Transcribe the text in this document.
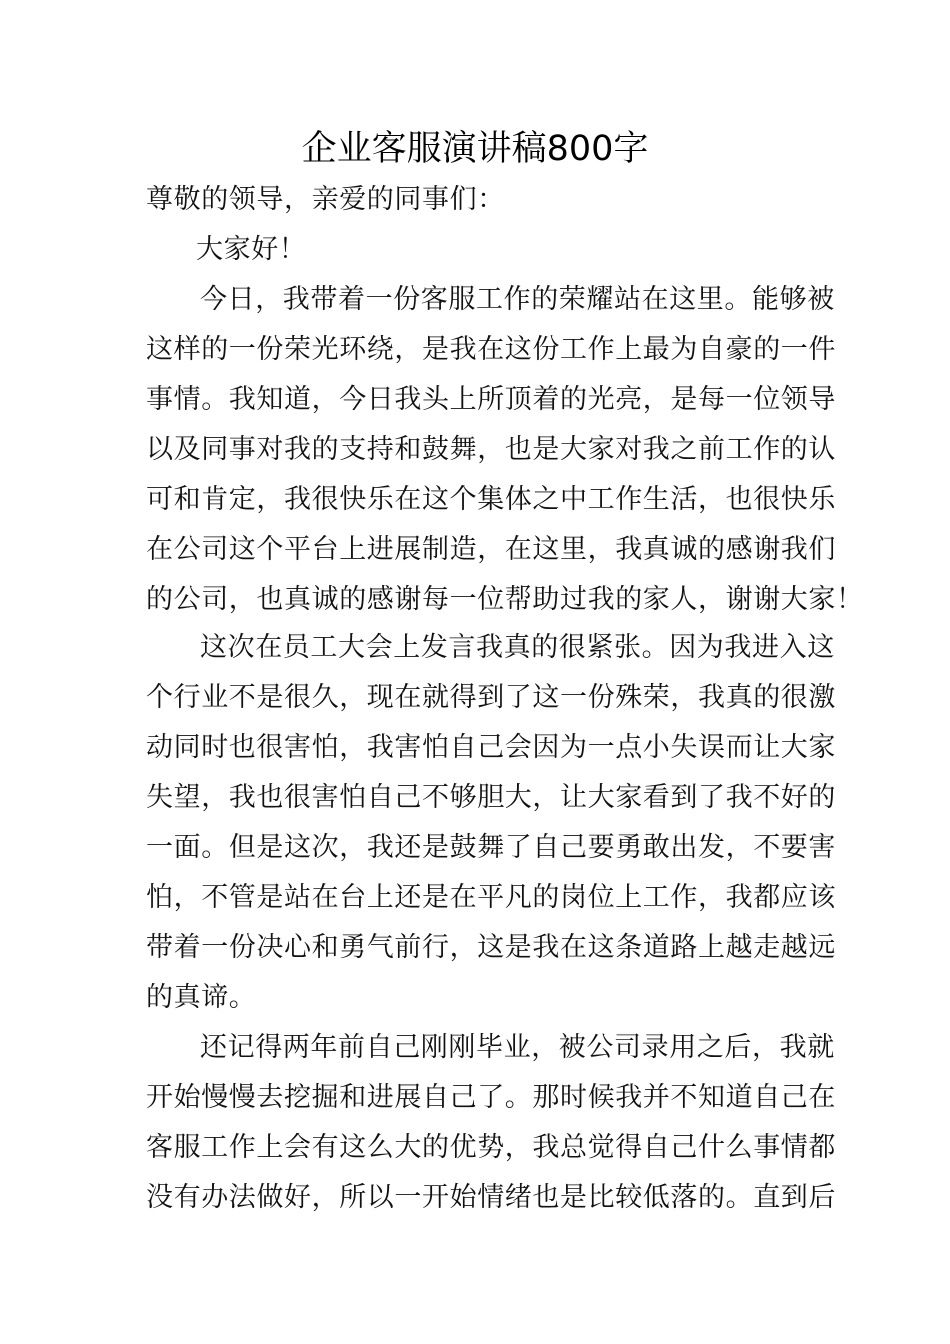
企业客服演讲稿800字
尊敬的领导，亲爱的同事们：
大家好！
今日，我带着一份客服工作的荣耀站在这里。能够被
这样的一份荣光环绕，是我在这份工作上最为自豪的一件
事情。我知道，今日我头上所顶着的光亮，是每一位领导
以及同事对我的支持和鼓舞，也是大家对我之前工作的认
可和肯定，我很快乐在这个集体之中工作生活，也很快乐
在公司这个平台上进展制造，在这里，我真诚的感谢我们
的公司，也真诚的感谢每一位帮助过我的家人，谢谢大家！
这次在员工大会上发言我真的很紧张。因为我进入这
个行业不是很久，现在就得到了这一份殊荣，我真的很激
动同时也很害怕，我害怕自己会因为一点小失误而让大家
失望，我也很害怕自己不够胆大，让大家看到了我不好的
一面。但是这次，我还是鼓舞了自己要勇敢出发，不要害
怕，不管是站在台上还是在平凡的岗位上工作，我都应该
带着一份决心和勇气前行，这是我在这条道路上越走越远
的真谛。
还记得两年前自己刚刚毕业，被公司录用之后，我就
开始慢慢去挖掘和进展自己了。那时候我并不知道自己在
客服工作上会有这么大的优势，我总觉得自己什么事情都
没有办法做好，所以一开始情绪也是比较低落的。直到后
